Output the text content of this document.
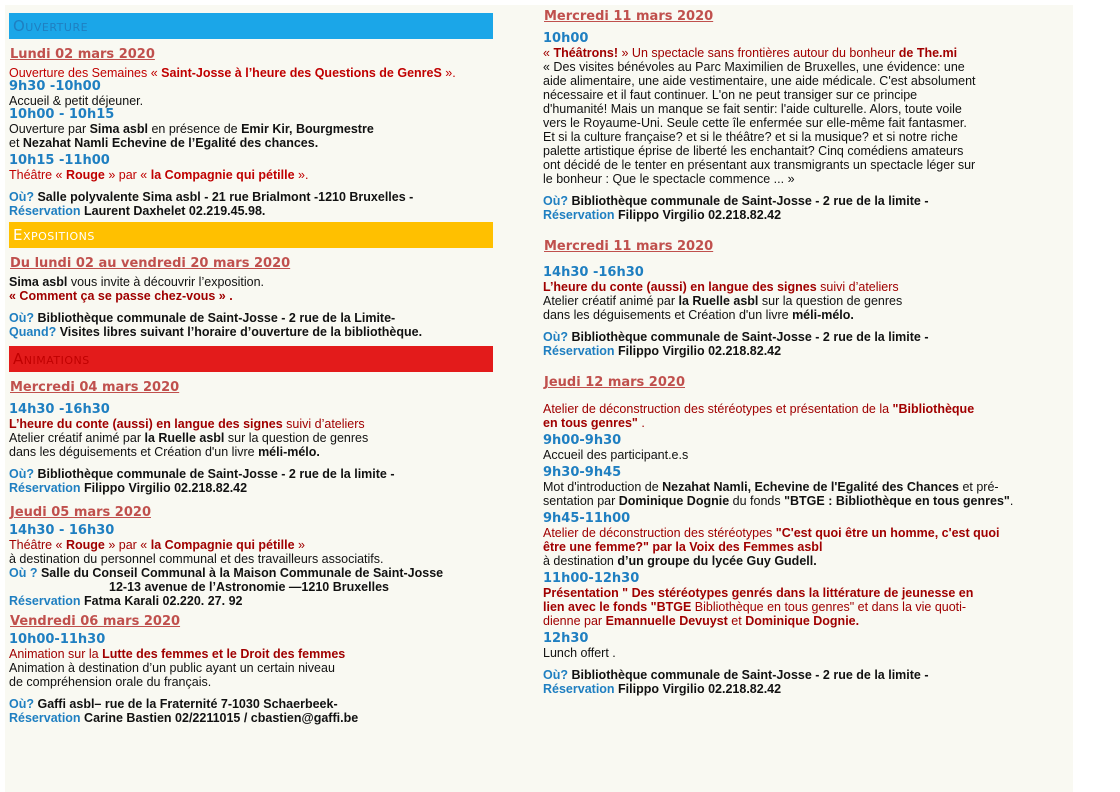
Ouverture
Lundi 02 mars 2020
Ouverture des Semaines « Saint-Josse à l’heure des Questions de GenreS ».
9h30 -10h00
Accueil & petit déjeuner.
10h00 - 10h15
Ouverture par Sima asbl en présence de Emir Kir, Bourgmestre
et Nezahat Namli Echevine de l’Egalité des chances.
10h15 -11h00
Théâtre « Rouge » par « la Compagnie qui pétille ».
Où? Salle polyvalente Sima asbl - 21 rue Brialmont -1210 Bruxelles -
Réservation Laurent Daxhelet 02.219.45.98.
Expositions
Du lundi 02 au vendredi 20 mars 2020
Sima asbl vous invite à découvrir l’exposition.
« Comment ça se passe chez-vous » .
Où? Bibliothèque communale de Saint-Josse - 2 rue de la Limite-
Quand? Visites libres suivant l’horaire d’ouverture de la bibliothèque.
Animations
Mercredi 04 mars 2020
14h30 -16h30
L’heure du conte (aussi) en langue des signes suivi d’ateliers
Atelier créatif animé par la Ruelle asbl sur la question de genres
dans les déguisements et Création d'un livre méli-mélo.
Où? Bibliothèque communale de Saint-Josse - 2 rue de la limite -
Réservation Filippo Virgilio 02.218.82.42
Jeudi 05 mars 2020
14h30 - 16h30
Théâtre « Rouge » par « la Compagnie qui pétille »
à destination du personnel communal et des travailleurs associatifs.
Où ? Salle du Conseil Communal à la Maison Communale de Saint-Josse
12-13 avenue de l’Astronomie —1210 Bruxelles
Réservation Fatma Karali 02.220. 27. 92
Vendredi 06 mars 2020
10h00-11h30
Animation sur la Lutte des femmes et le Droit des femmes
Animation à destination d’un public ayant un certain niveau
de compréhension orale du français.
Où? Gaffi asbl– rue de la Fraternité 7-1030 Schaerbeek-
Réservation Carine Bastien 02/2211015 / cbastien@gaffi.be
Mercredi 11 mars 2020
10h00
« Théâtrons! » Un spectacle sans frontières autour du bonheur de The.mi
« Des visites bénévoles au Parc Maximilien de Bruxelles, une évidence: une
aide alimentaire, une aide vestimentaire, une aide médicale. C'est absolument
nécessaire et il faut continuer. L'on ne peut transiger sur ce principe
d'humanité! Mais un manque se fait sentir: l'aide culturelle. Alors, toute voile
vers le Royaume-Uni. Seule cette île enfermée sur elle-même fait fantasmer.
Et si la culture française? et si le théâtre? et si la musique? et si notre riche
palette artistique éprise de liberté les enchantait? Cinq comédiens amateurs
ont décidé de le tenter en présentant aux transmigrants un spectacle léger sur
le bonheur : Que le spectacle commence ... »
Où? Bibliothèque communale de Saint-Josse - 2 rue de la limite -
Réservation Filippo Virgilio 02.218.82.42
Mercredi 11 mars 2020
14h30 -16h30
L’heure du conte (aussi) en langue des signes suivi d’ateliers
Atelier créatif animé par la Ruelle asbl sur la question de genres
dans les déguisements et Création d'un livre méli-mélo.
Où? Bibliothèque communale de Saint-Josse - 2 rue de la limite -
Réservation Filippo Virgilio 02.218.82.42
Jeudi 12 mars 2020
Atelier de déconstruction des stéréotypes et présentation de la "Bibliothèque
en tous genres" .
9h00-9h30
Accueil des participant.e.s
9h30-9h45
Mot d'introduction de Nezahat Namli, Echevine de l'Egalité des Chances et pré-
sentation par Dominique Dognie du fonds "BTGE : Bibliothèque en tous genres".
9h45-11h00
Atelier de déconstruction des stéréotypes "C'est quoi être un homme, c'est quoi
être une femme?" par la Voix des Femmes asbl
à destination d’un groupe du lycée Guy Gudell.
11h00-12h30
Présentation " Des stéréotypes genrés dans la littérature de jeunesse en
lien avec le fonds "BTGE Bibliothèque en tous genres" et dans la vie quoti-
dienne par Emannuelle Devuyst et Dominique Dognie.
12h30
Lunch offert .
Où? Bibliothèque communale de Saint-Josse - 2 rue de la limite -
Réservation Filippo Virgilio 02.218.82.42
